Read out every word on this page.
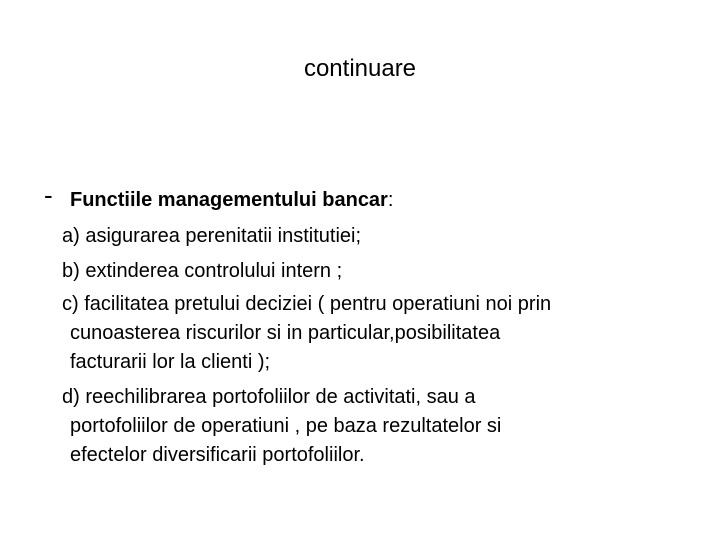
continuare
- Functiile managementului bancar:
a) asigurarea perenitatii institutiei;
b) extinderea controlului intern ;
c) facilitatea pretului deciziei ( pentru operatiuni noi prin
cunoasterea riscurilor si in particular,posibilitatea
facturarii lor la clienti );
d) reechilibrarea portofoliilor de activitati, sau a
portofoliilor de operatiuni , pe baza rezultatelor si
efectelor diversificarii portofoliilor.
